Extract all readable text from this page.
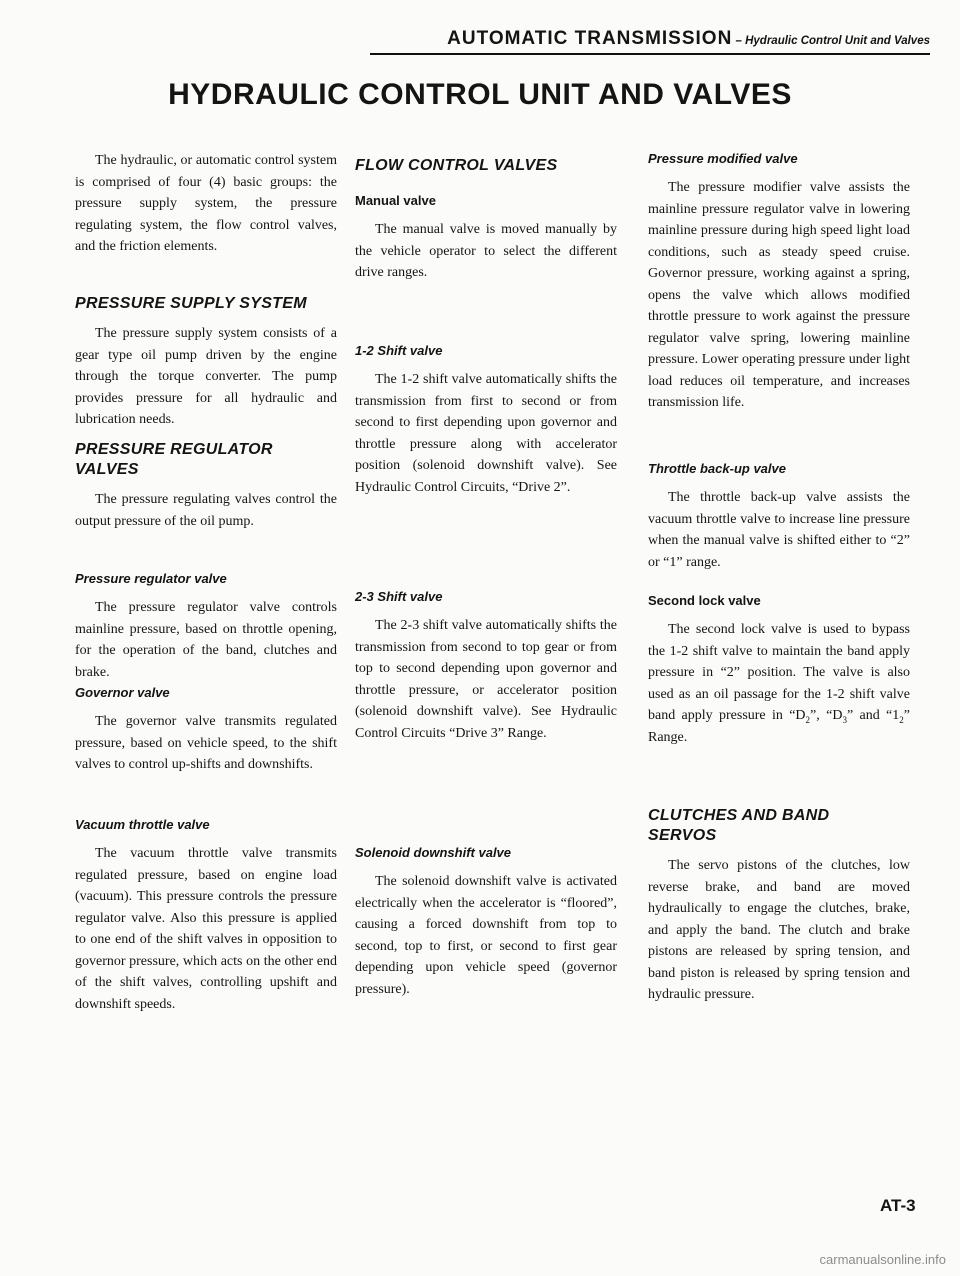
AUTOMATIC TRANSMISSION – Hydraulic Control Unit and Valves
HYDRAULIC CONTROL UNIT AND VALVES
The hydraulic, or automatic control system is comprised of four (4) basic groups: the pressure supply system, the pressure regulating system, the flow control valves, and the friction elements.
PRESSURE SUPPLY SYSTEM
The pressure supply system consists of a gear type oil pump driven by the engine through the torque converter. The pump provides pressure for all hydraulic and lubrication needs.
PRESSURE REGULATOR
VALVES
The pressure regulating valves control the output pressure of the oil pump.
Pressure regulator valve
The pressure regulator valve controls mainline pressure, based on throttle opening, for the operation of the band, clutches and brake.
Governor valve
The governor valve transmits regulated pressure, based on vehicle speed, to the shift valves to control up-shifts and downshifts.
Vacuum throttle valve
The vacuum throttle valve transmits regulated pressure, based on engine load (vacuum). This pressure controls the pressure regulator valve. Also this pressure is applied to one end of the shift valves in opposition to governor pressure, which acts on the other end of the shift valves, controlling upshift and downshift speeds.
FLOW CONTROL VALVES
Manual valve
The manual valve is moved manually by the vehicle operator to select the different drive ranges.
1-2 Shift valve
The 1-2 shift valve automatically shifts the transmission from first to second or from second to first depending upon governor and throttle pressure along with accelerator position (solenoid downshift valve). See Hydraulic Control Circuits, “Drive 2”.
2-3 Shift valve
The 2-3 shift valve automatically shifts the transmission from second to top gear or from top to second depending upon governor and throttle pressure, or accelerator position (solenoid downshift valve). See Hydraulic Control Circuits “Drive 3” Range.
Solenoid downshift valve
The solenoid downshift valve is activated electrically when the accelerator is “floored”, causing a forced downshift from top to second, top to first, or second to first gear depending upon vehicle speed (governor pressure).
Pressure modified valve
The pressure modifier valve assists the mainline pressure regulator valve in lowering mainline pressure during high speed light load conditions, such as steady speed cruise. Governor pressure, working against a spring, opens the valve which allows modified throttle pressure to work against the pressure regulator valve spring, lowering mainline pressure. Lower operating pressure under light load reduces oil temperature, and increases transmission life.
Throttle back-up valve
The throttle back-up valve assists the vacuum throttle valve to increase line pressure when the manual valve is shifted either to “2” or “1” range.
Second lock valve
The second lock valve is used to bypass the 1-2 shift valve to maintain the band apply pressure in “2” position. The valve is also used as an oil passage for the 1-2 shift valve band apply pressure in “$D_2$”, “$D_3$” and “$1_2$” Range.
CLUTCHES AND BAND
SERVOS
The servo pistons of the clutches, low reverse brake, and band are moved hydraulically to engage the clutches, brake, and apply the band. The clutch and brake pistons are released by spring tension, and band piston is released by spring tension and hydraulic pressure.
AT-3
carmanualsonline.info
